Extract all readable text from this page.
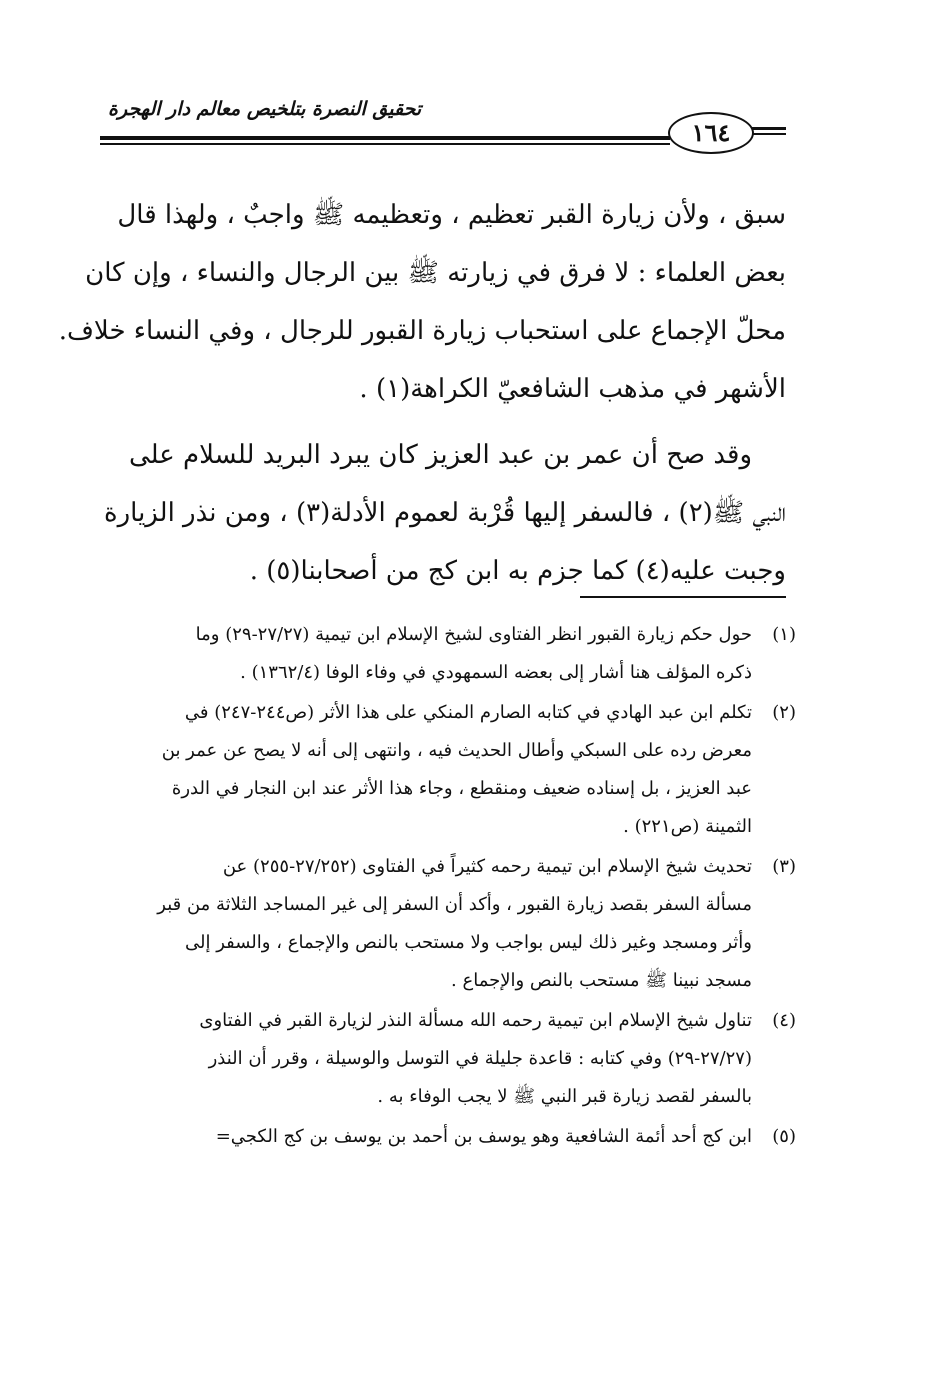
تحقيق النصرة بتلخيص معالم دار الهجرة
١٦٤

سبق ، ولأن زيارة القبر تعظيم ، وتعظيمه ﷺ واجبٌ ، ولهذا قال

بعض العلماء : لا فرق في زيارته ﷺ بين الرجال والنساء ، وإن كان

محلّ الإجماع على استحباب زيارة القبور للرجال ، وفي النساء خلاف.

الأشهر في مذهب الشافعيّ الكراهة(١) .

وقد صح أن عمر بن عبد العزيز كان يبرد البريد للسلام على

النبي ﷺ(٢) ، فالسفر إليها قُرْبة لعموم الأدلة(٣) ، ومن نذر الزيارة

وجبت عليه(٤) كما جزم به ابن كج من أصحابنا(٥) .

(١)
حول حكم زيارة القبور انظر الفتاوى لشيخ الإسلام ابن تيمية (٢٧/٢٧-٢٩) وما
ذكره المؤلف هنا أشار إلى بعضه السمهودي في وفاء الوفا (١٣٦٢/٤) .
(٢)
تكلم ابن عبد الهادي في كتابه الصارم المنكي على هذا الأثر (ص٢٤٤-٢٤٧) في
معرض رده على السبكي وأطال الحديث فيه ، وانتهى إلى أنه لا يصح عن عمر بن
عبد العزيز ، بل إسناده ضعيف ومنقطع ، وجاء هذا الأثر عند ابن النجار في الدرة
الثمينة (ص٢٢١) .
(٣)
تحديث شيخ الإسلام ابن تيمية رحمه كثيراً في الفتاوى (٢٧/٢٥٢-٢٥٥) عن
مسألة السفر بقصد زيارة القبور ، وأكد أن السفر إلى غير المساجد الثلاثة من قبر
وأثر ومسجد وغير ذلك ليس بواجب ولا مستحب بالنص والإجماع ، والسفر إلى
مسجد نبينا ﷺ مستحب بالنص والإجماع .
(٤)
تناول شيخ الإسلام ابن تيمية رحمه الله مسألة النذر لزيارة القبر في الفتاوى
(٢٧/٢٧-٢٩) وفي كتابه : قاعدة جليلة في التوسل والوسيلة ، وقرر أن النذر
بالسفر لقصد زيارة قبر النبي ﷺ لا يجب الوفاء به .
(٥)
ابن كج أحد أئمة الشافعية وهو يوسف بن أحمد بن يوسف بن كج الكجي=
